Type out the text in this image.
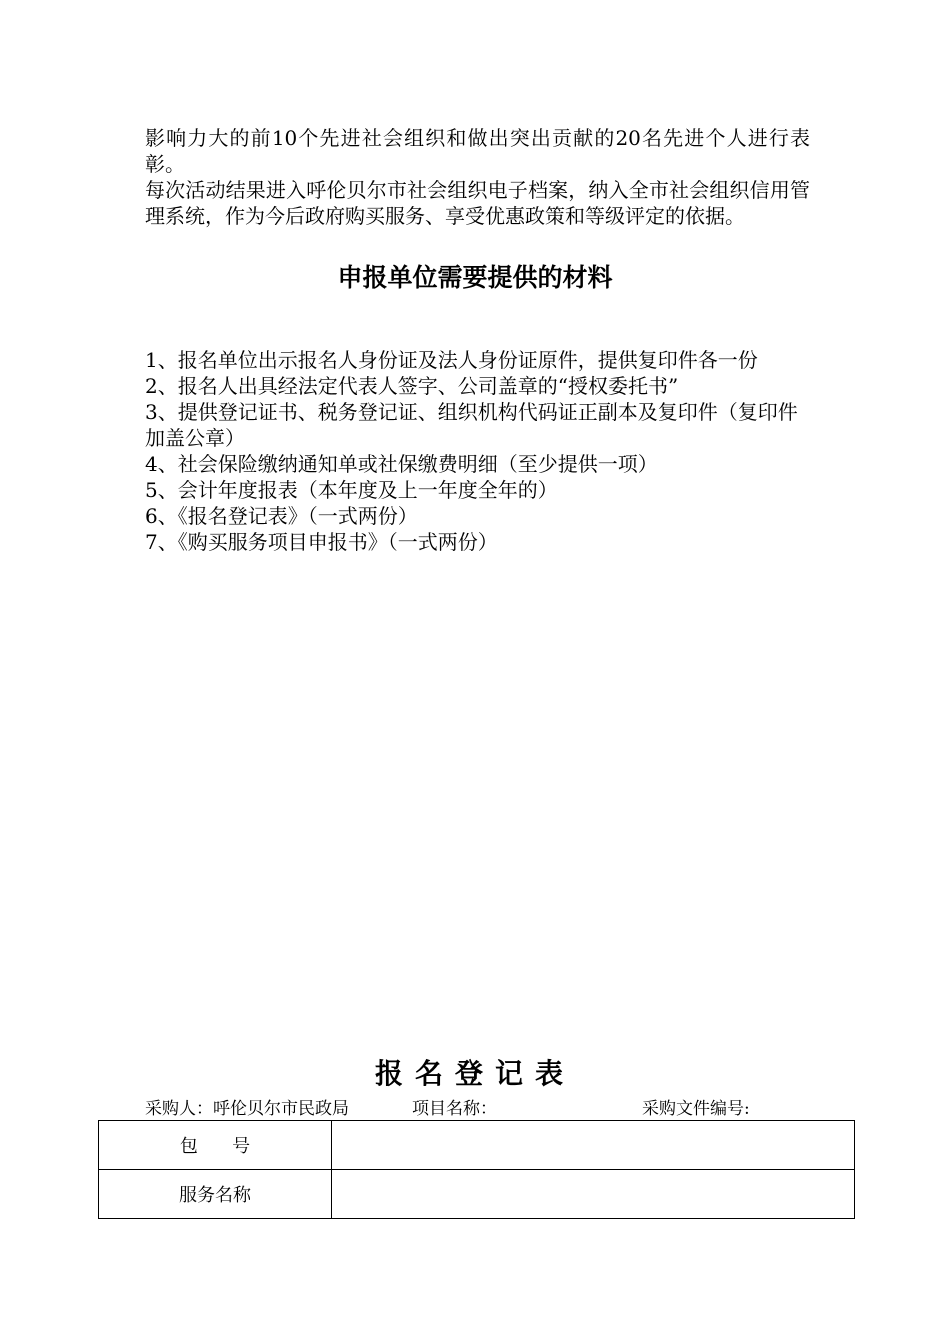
影响力大的前10个先进社会组织和做出突出贡献的20名先进个人进行表彰。

每次活动结果进入呼伦贝尔市社会组织电子档案，纳入全市社会组织信用管理系统，作为今后政府购买服务、享受优惠政策和等级评定的依据。

申报单位需要提供的材料
1、报名单位出示报名人身份证及法人身份证原件，提供复印件各一份
2、报名人出具经法定代表人签字、公司盖章的“授权委托书”
3、提供登记证书、税务登记证、组织机构代码证正副本及复印件（复印件加盖公章）
4、社会保险缴纳通知单或社保缴费明细（至少提供一项）
5、会计年度报表（本年度及上一年度全年的）
6、《报名登记表》（一式两份）
7、《购买服务项目申报书》（一式两份）
报名登记表
采购人：呼伦贝尔市民政局	项目名称：	采购文件编号:
包      号	
服务名称	
